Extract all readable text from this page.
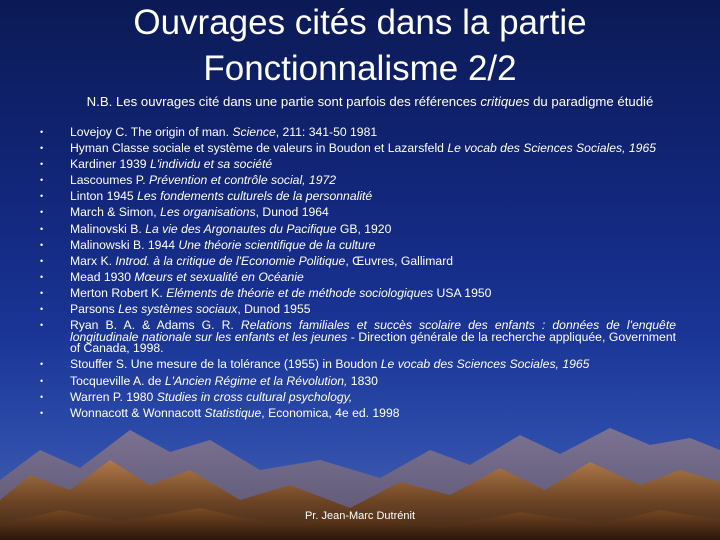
Ouvrages cités dans la partie
Fonctionnalisme 2/2
N.B. Les ouvrages cité dans une partie sont parfois des références critiques du paradigme étudié
• Lovejoy C. The origin of man. Science, 211: 341-50 1981
• Hyman Classe sociale et système de valeurs in Boudon et Lazarsfeld Le vocab des Sciences Sociales, 1965
• Kardiner 1939 L'individu et sa société
• Lascoumes P. Prévention et contrôle social, 1972
• Linton 1945 Les fondements culturels de la personnalité
• March & Simon, Les organisations, Dunod 1964
• Malinovski B. La vie des Argonautes du Pacifique GB, 1920
• Malinowski B. 1944 Une théorie scientifique de la culture
• Marx K. Introd. à la critique de l'Economie Politique, Œuvres, Gallimard
• Mead 1930 Mœurs et sexualité en Océanie
• Merton Robert K. Eléments de théorie et de méthode sociologiques USA 1950
• Parsons Les systèmes sociaux, Dunod 1955
• Ryan B. A. & Adams G. R. Relations familiales et succès scolaire des enfants : données de l'enquête longitudinale nationale sur les enfants et les jeunes - Direction générale de la recherche appliquée, Government of Canada, 1998.
• Stouffer S. Une mesure de la tolérance (1955) in Boudon Le vocab des Sciences Sociales, 1965
• Tocqueville A. de L'Ancien Régime et la Révolution, 1830
• Warren P. 1980 Studies in cross cultural psychology,
• Wonnacott & Wonnacott Statistique, Economica, 4e ed. 1998
Pr. Jean-Marc Dutrénit
